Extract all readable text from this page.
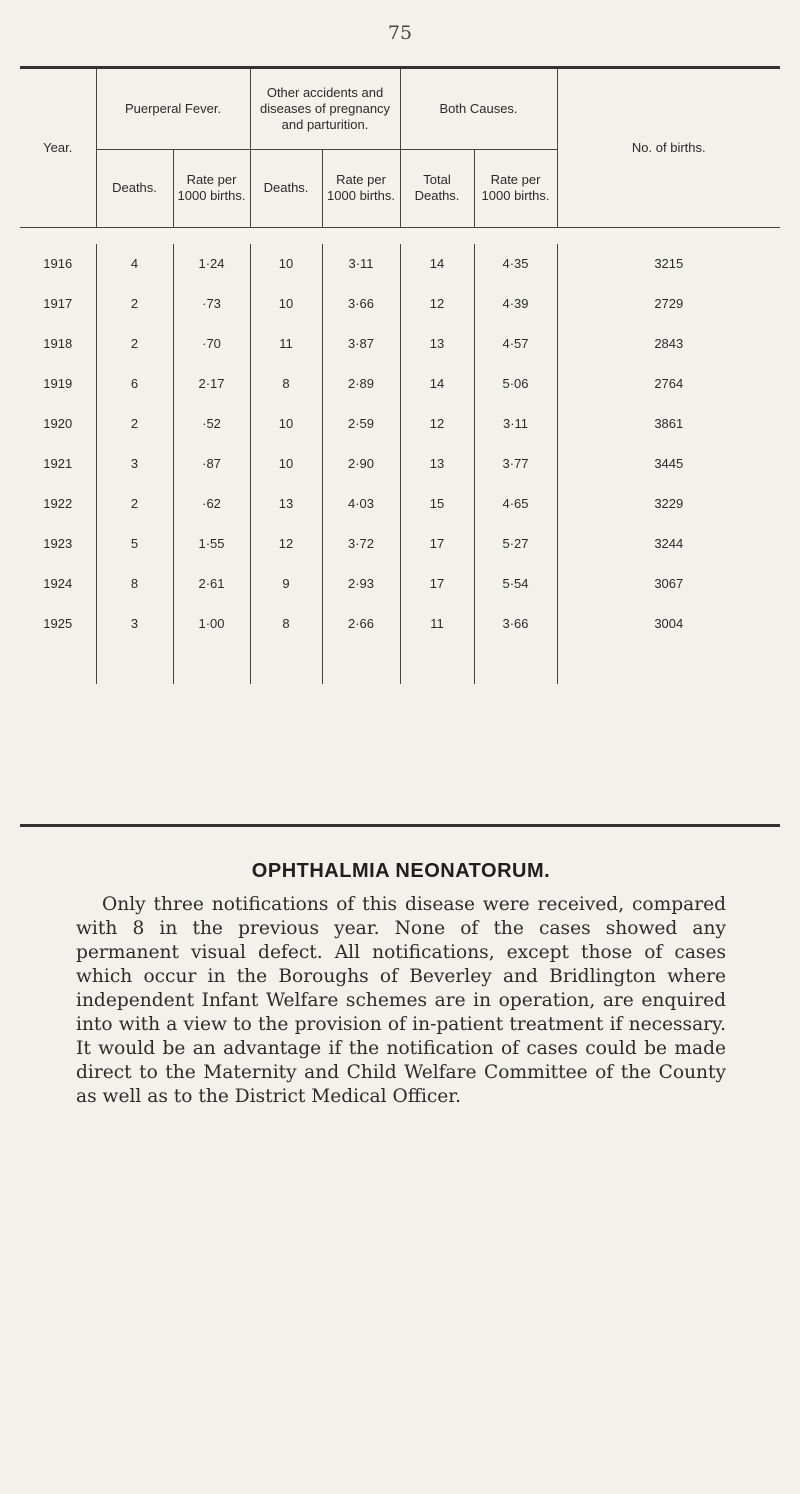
75
Year.	Puerperal Fever.		Other accidents and diseases of pregnancy and parturition.		Both Causes.		No. of births.
	Deaths.	Rate per 1000 births.	Deaths.	Rate per 1000 births.	Total Deaths.	Rate per 1000 births.	

1916	4	1·24	10	3·11	14	4·35	3215
1917	2	·73	10	3·66	12	4·39	2729
1918	2	·70	11	3·87	13	4·57	2843
1919	6	2·17	8	2·89	14	5·06	2764
1920	2	·52	10	2·59	12	3·11	3861
1921	3	·87	10	2·90	13	3·77	3445
1922	2	·62	13	4·03	15	4·65	3229
1923	5	1·55	12	3·72	17	5·27	3244
1924	8	2·61	9	2·93	17	5·54	3067
1925	3	1·00	8	2·66	11	3·66	3004

OPHTHALMIA NEONATORUM.

Only three notifications of this disease were received, compared with 8 in the previous year. None of the cases showed any permanent visual defect. All notifications, except those of cases which occur in the Boroughs of Beverley and Bridlington where independent Infant Welfare schemes are in operation, are enquired into with a view to the provision of in-patient treatment if necessary. It would be an advantage if the notification of cases could be made direct to the Maternity and Child Welfare Committee of the County as well as to the District Medical Officer.
